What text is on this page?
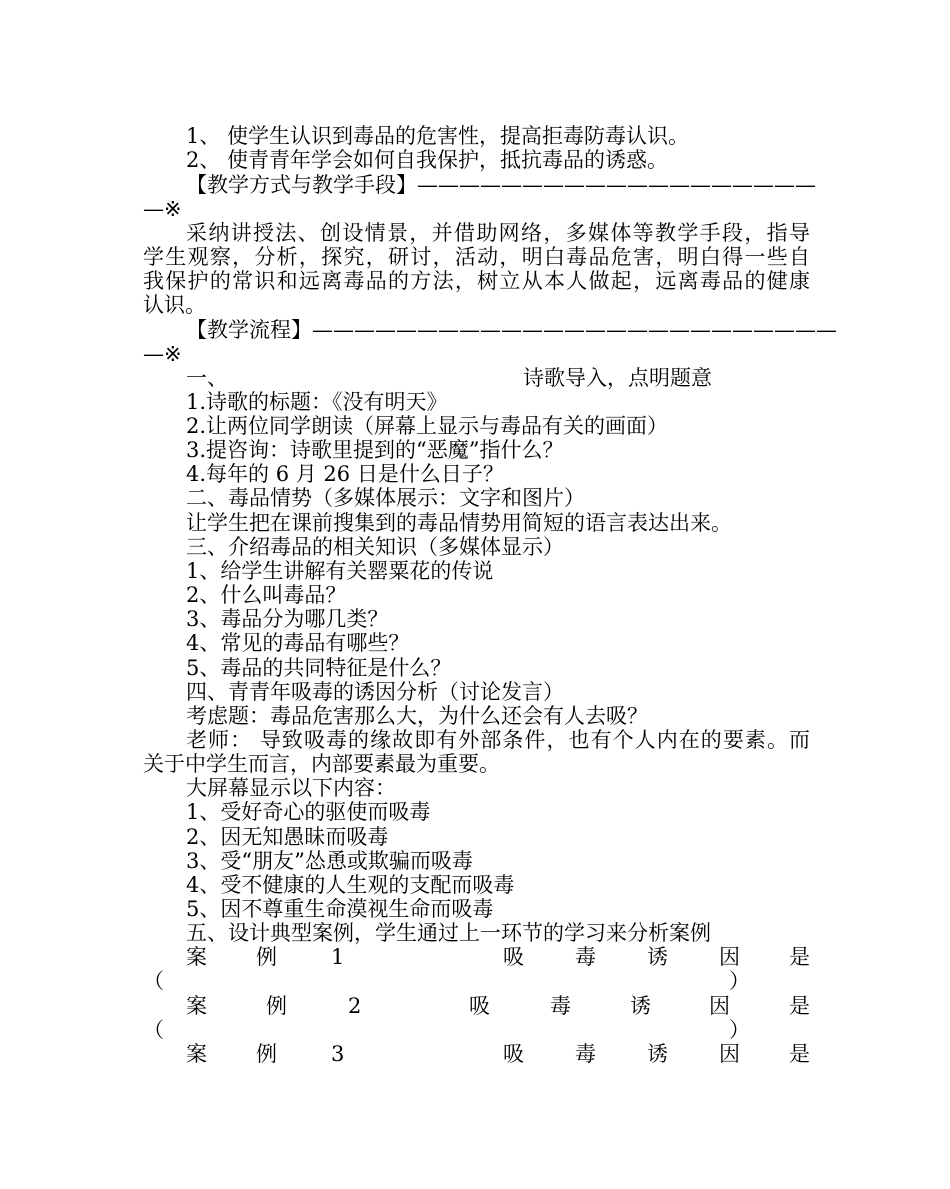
1、 使学生认识到毒品的危害性，提高拒毒防毒认识。
2、 使青青年学会如何自我保护，抵抗毒品的诱惑。
【教学方式与教学手段】———————————————————
—※
采纳讲授法、创设情景，并借助网络，多媒体等教学手段，指导
学生观察，分析，探究，研讨，活动，明白毒品危害，明白得一些自
我保护的常识和远离毒品的方法，树立从本人做起，远离毒品的健康
认识。
【教学流程】—————————————————————————
—※
一、	诗歌导入，点明题意
1.诗歌的标题：《没有明天》
2.让两位同学朗读（屏幕上显示与毒品有关的画面）
3.提咨询：诗歌里提到的“恶魔”指什么？
4.每年的 6 月 26 日是什么日子？
二、毒品情势（多媒体展示：文字和图片）
让学生把在课前搜集到的毒品情势用简短的语言表达出来。
三、介绍毒品的相关知识（多媒体显示）
1、给学生讲解有关罂粟花的传说
2、什么叫毒品？
3、毒品分为哪几类？
4、常见的毒品有哪些？
5、毒品的共同特征是什么？
四、青青年吸毒的诱因分析（讨论发言）
考虑题：毒品危害那么大，为什么还会有人去吸？
老师： 导致吸毒的缘故即有外部条件，也有个人内在的要素。而
关于中学生而言，内部要素最为重要。
大屏幕显示以下内容：
1、受好奇心的驱使而吸毒
2、因无知愚昧而吸毒
3、受“朋友”怂恿或欺骗而吸毒
4、受不健康的人生观的支配而吸毒
5、因不尊重生命漠视生命而吸毒
五、设计典型案例，学生通过上一环节的学习来分析案例
案 例	1	吸 毒 诱 因 是
（	）
案	例	2	吸	毒	诱	因	是
（	）
案 例	3	吸 毒 诱 因 是
